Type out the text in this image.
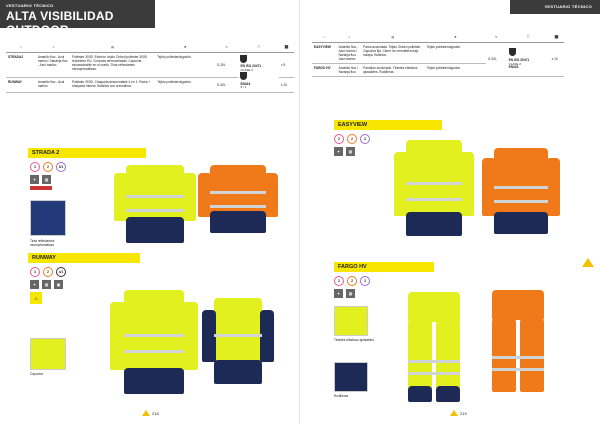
VESTUARIO TÉCNICO
ALTA VISIBILIDAD OUTDOOR
◦◦◦	◑	▤	❖	✎	⛉	⬛
STRADA2	Amarillo fluo - Azul marino / Naranja fluo - Azul marino	Poliéster 300D. Exterior: tejido Oxford poliéster 300D recubierto PU. Costuras termoselladas. Capucha escamoteable en el cuello. Tiras reflectantes microprismáticas.	Tejido poliéster/algodón.	S-3XL	EN ISO 20471
CLASE 3
EN343
3 / 1	x 5
RUNWAY	Amarillo fluo - Azul marino	Poliéster 300D. Chaqueta desmontable 4 en 1. Parka + chaqueta interior. Bolsillos con cremallera.	Tejido poliéster/algodón.	S-3XL		x 10
STRADA 2
3	2	3/1
✦	▦
Tiras reflectantes microprismáticas
RUNWAY
3	2	4/1
✦	▦	▣
⚠
Capucha
218
VESTUARIO TÉCNICO
◦◦◦	◑	▤	❖	✎	⛉	⬛
EASYVIEW	Amarillo fluo - Azul marino / Naranja fluo - Azul marino	Parka acolchada. Tejido Oxford poliéster. Capucha fija. Cierre de cremallera bajo solapa. Bolsillos.	Tejido poliéster/algodón.	S-3XL	EN ISO 20471
CLASE 2
EN343	x 10
FARGO HV	Amarillo fluo / Naranja fluo	Pantalón acolchado. Tirantes elásticos ajustables. Rodilleras.	Tejido poliéster/algodón.			
EASYVIEW
2	2	3
✦	▦
FARGO HV
2	2	3
✦	▦
Tirantes elásticos ajustables
Rodilleras
219
